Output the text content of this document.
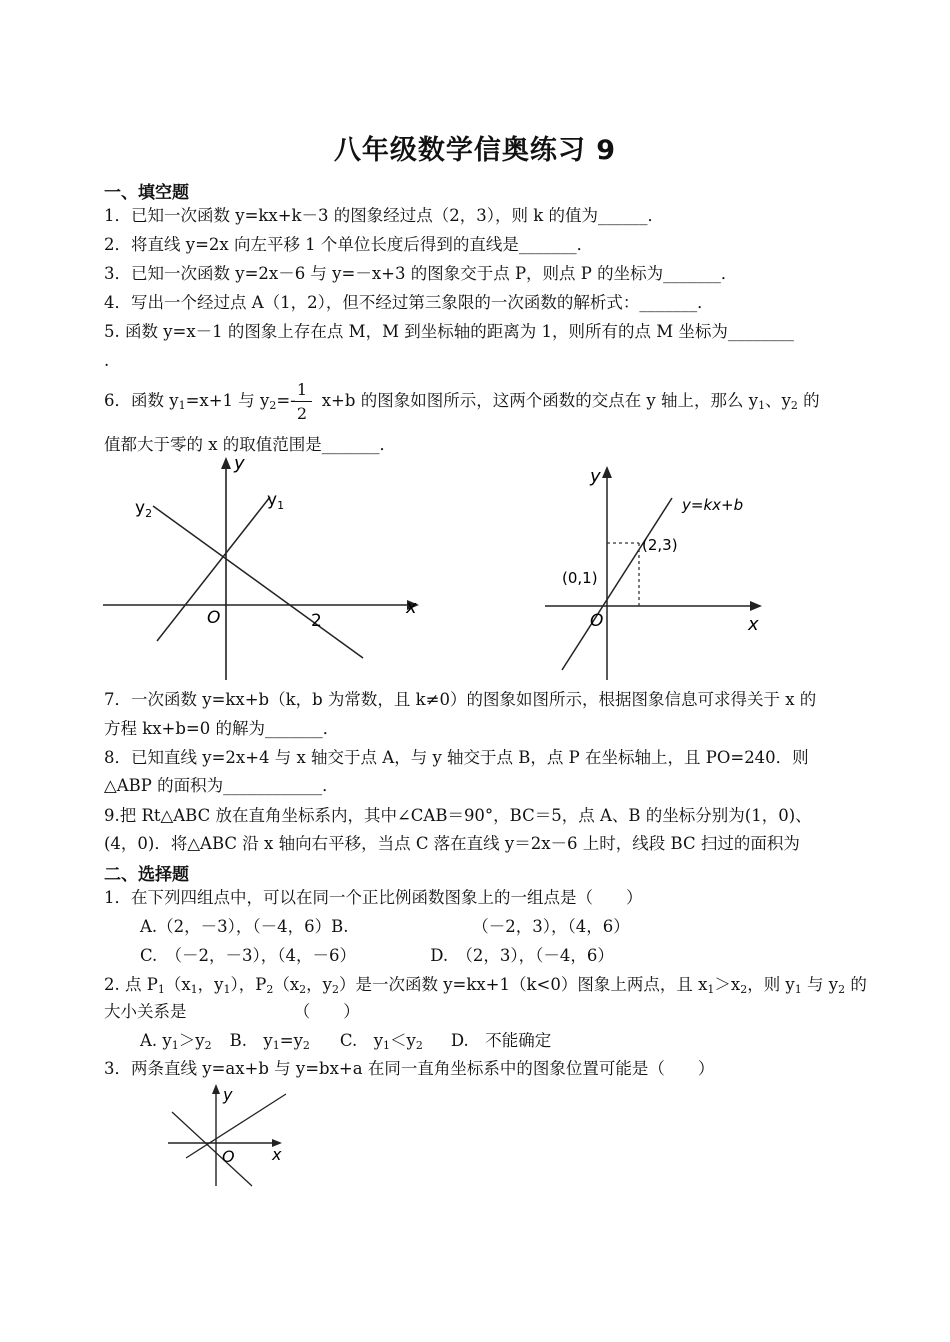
八年级数学信奥练习 9
一、填空题
1．已知一次函数 y=kx+k－3 的图象经过点（2，3），则 k 的值为______．
2．将直线 y=2x 向左平移 1 个单位长度后得到的直线是_______．
3．已知一次函数 y=2x－6 与 y=－x+3 的图象交于点 P，则点 P 的坐标为_______．
4．写出一个经过点 A（1，2），但不经过第三象限的一次函数的解析式：_______．
5. 函数 y=x－1 的图象上存在点 M，M 到坐标轴的距离为 1，则所有的点 M 坐标为________
.
6．函数 $y_1=x+1$ 与 $y_2=-$ x+b 的图象如图所示，这两个函数的交点在 y 轴上，那么 $y_1$、$y_2$ 的
1
2
值都大于零的 x 的取值范围是_______．
y
x
O	2
$y_1$
$y_2$
y
x
O
y=kx+b
(0,1)
(2,3)
7．一次函数 y=kx+b（k，b 为常数，且 k≠0）的图象如图所示，根据图象信息可求得关于 x 的
方程 kx+b=0 的解为_______．
8．已知直线 y=2x+4 与 x 轴交于点 A，与 y 轴交于点 B，点 P 在坐标轴上，且 PO=240．则
△ABP 的面积为____________．
9.把 Rt△ABC 放在直角坐标系内，其中∠CAB＝90°，BC＝5，点 A、B 的坐标分别为(1，0)、
(4，0)．将△ABC 沿 x 轴向右平移，当点 C 落在直线 y＝2x－6 上时，线段 BC 扫过的面积为
二、选择题
1．在下列四组点中，可以在同一个正比例函数图象上的一组点是（　　）
A.（2，－3），（－4，6）B.　　　　　　　　（－2，3），（4，6）
C.　（－2，－3），（4，－6）　　　　　D.　（2，3），（－4，6）
2. 点 $P_1(x_1$，$y_1$），$P_2(x_2$，$y_2$）是一次函数 y=kx+1（k<0）图象上两点，且 $x_1>x_2$，则 $y_1$ 与 $y_2$ 的
大小关系是　　　　　　　（　　）
A. $y_1>y_2$ B.　$y_1=y_2$ C.　$y_1<y_2$ D.　不能确定
3．两条直线 y=ax+b 与 y=bx+a 在同一直角坐标系中的图象位置可能是（　　）
y
x
O
